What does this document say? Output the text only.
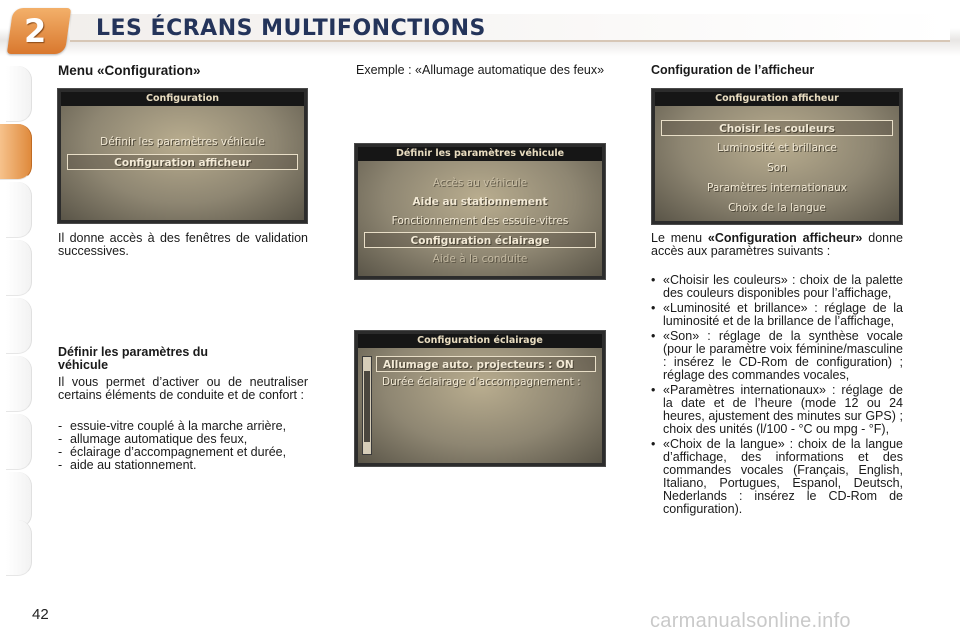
2 LES ÉCRANS MULTIFONCTIONS
Menu «Configuration»
Configuration
Définir les paramètres véhicule
Configuration afficheur
Il donne accès à des fenêtres de validation successives.
Définir les paramètres du véhicule
Il vous permet d’activer ou de neutraliser certains éléments de conduite et de confort :
- essuie-vitre couplé à la marche arrière,
- allumage automatique des feux,
- éclairage d’accompagnement et durée,
- aide au stationnement.
Exemple : «Allumage automatique des feux»
Définir les paramètres véhicule
Accès au véhicule
Aide au stationnement
Fonctionnement des essuie-vitres
Configuration éclairage
Aide à la conduite
Configuration éclairage
Allumage auto. projecteurs : ON
Durée éclairage d’accompagnement :
Configuration de l’afficheur
Configuration afficheur
Choisir les couleurs
Luminosité et brillance
Son
Paramètres internationaux
Choix de la langue
Le menu «Configuration afficheur» donne accès aux paramètres suivants :
• «Choisir les couleurs» : choix de la palette des couleurs disponibles pour l’affichage,
• «Luminosité et brillance» : réglage de la luminosité et de la brillance de l’affichage,
• «Son» : réglage de la synthèse vocale (pour le paramètre voix féminine/masculine : insérez le CD-Rom de configuration) ; réglage des commandes vocales,
• «Paramètres internationaux» : réglage de la date et de l’heure (mode 12 ou 24 heures, ajustement des minutes sur GPS) ; choix des unités (l/100 - °C ou mpg - °F),
• «Choix de la langue» : choix de la langue d’affichage, des informations et des commandes vocales (Français, English, Italiano, Portugues, Espanol, Deutsch, Nederlands : insérez le CD-Rom de configuration).
42	carmanualsonline.info
